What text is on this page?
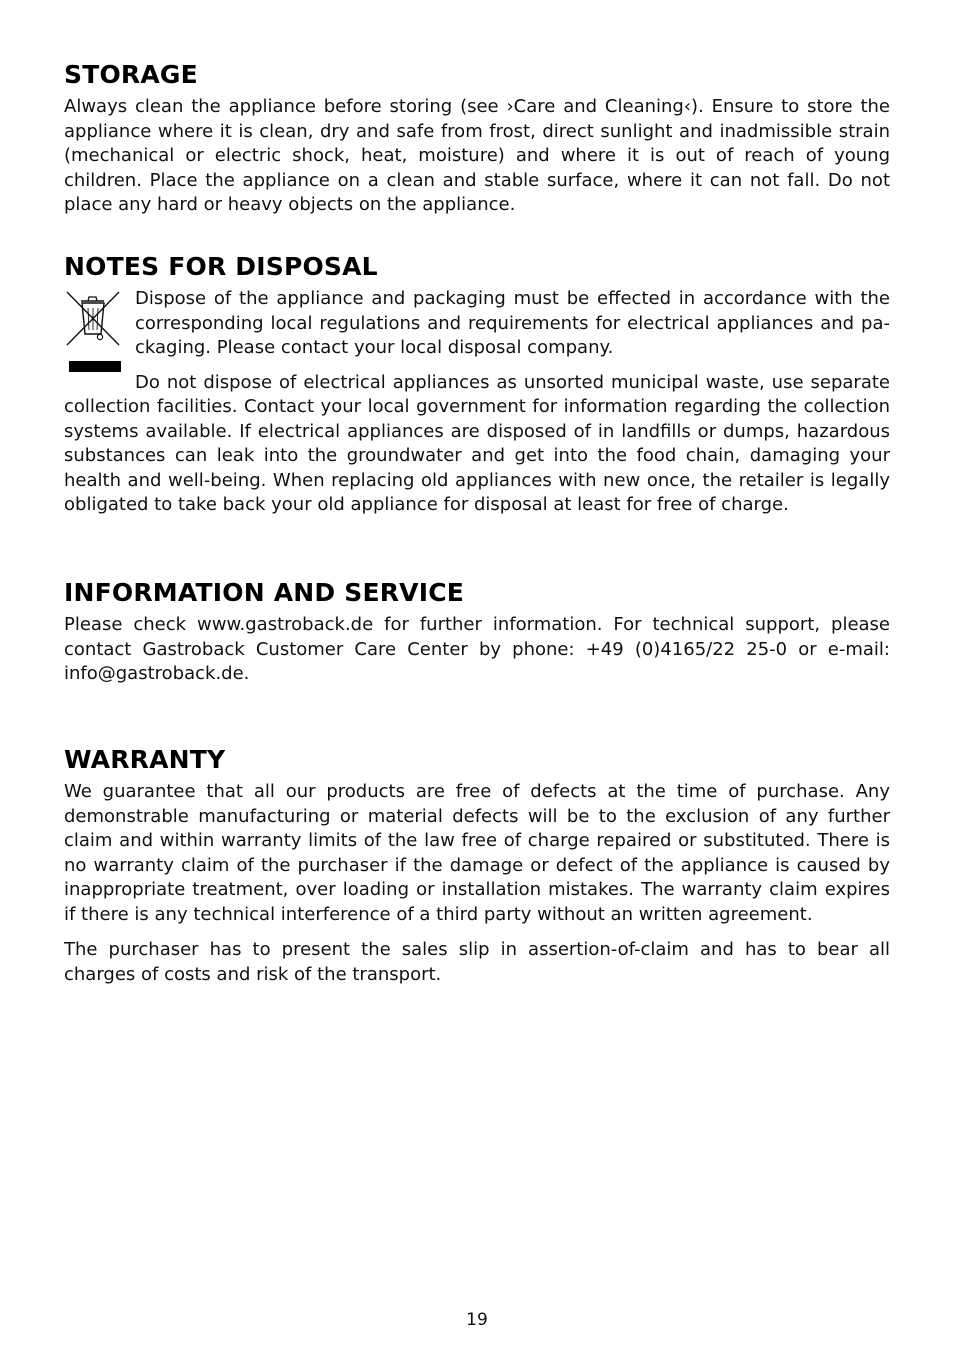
STORAGE

Always clean the appliance before storing (see ›Care and Cleaning‹). Ensure to store the appliance where it is clean, dry and safe from frost, direct sunlight and inadmissible strain (mechanical or electric shock, heat, moisture) and where it is out of reach of young children. Place the appliance on a clean and stable surface, where it can not fall. Do not place any hard or heavy objects on the appliance.

NOTES FOR DISPOSAL

Dispose of the appliance and packaging must be effected in accordance with the corresponding local regulations and requirements for electrical appliances and packaging. Please contact your local disposal company.

Do not dispose of electrical appliances as unsorted municipal waste, use separate collection facilities. Contact your local government for information regarding the collection systems available. If electrical appliances are disposed of in landfills or dumps, hazardous substances can leak into the groundwater and get into the food chain, damaging your health and well-being. When replacing old appliances with new once, the retailer is legally obligated to take back your old appliance for disposal at least for free of charge.

INFORMATION AND SERVICE

Please check www.gastroback.de for further information. For technical support, please contact Gastroback Customer Care Center by phone: +49 (0)4165/22 25-0 or e-mail: info@gastroback.de.

WARRANTY

We guarantee that all our products are free of defects at the time of purchase. Any demonstrable manufacturing or material defects will be to the exclusion of any further claim and within warranty limits of the law free of charge repaired or substituted. There is no warranty claim of the purchaser if the damage or defect of the appliance is caused by inappropriate treatment, over loading or installation mistakes. The warranty claim expires if there is any technical interference of a third party without an written agreement.

The purchaser has to present the sales slip in assertion-of-claim and has to bear all charges of costs and risk of the transport.

19
